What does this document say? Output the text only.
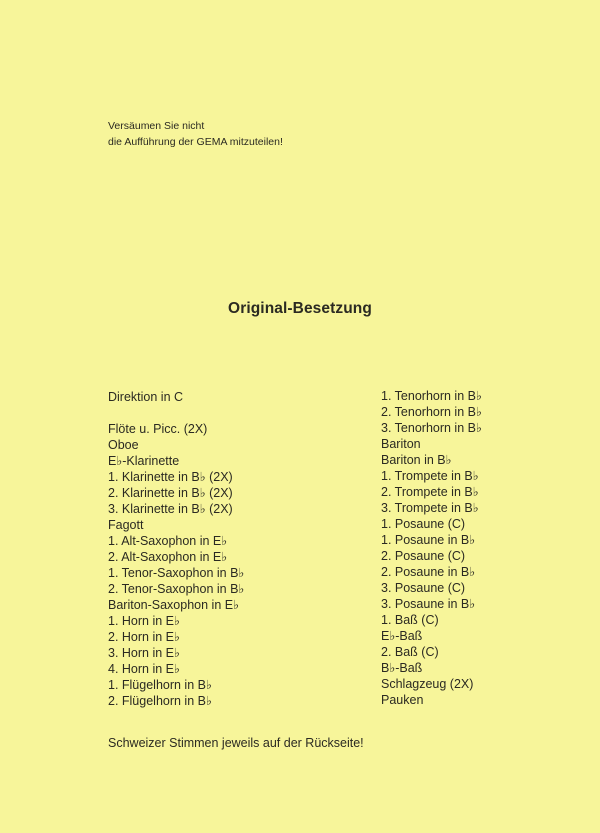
Versäumen Sie nicht
die Aufführung der GEMA mitzuteilen!
Original-Besetzung
Direktion in C
Flöte u. Picc. (2X)
Oboe
E♭-Klarinette
1. Klarinette in B♭ (2X)
2. Klarinette in B♭ (2X)
3. Klarinette in B♭ (2X)
Fagott
1. Alt-Saxophon in E♭
2. Alt-Saxophon in E♭
1. Tenor-Saxophon in B♭
2. Tenor-Saxophon in B♭
Bariton-Saxophon in E♭
1. Horn in E♭
2. Horn in E♭
3. Horn in E♭
4. Horn in E♭
1. Flügelhorn in B♭
2. Flügelhorn in B♭
1. Tenorhorn in B♭
2. Tenorhorn in B♭
3. Tenorhorn in B♭
Bariton
Bariton in B♭
1. Trompete in B♭
2. Trompete in B♭
3. Trompete in B♭
1. Posaune (C)
1. Posaune in B♭
2. Posaune (C)
2. Posaune in B♭
3. Posaune (C)
3. Posaune in B♭
1. Baß (C)
E♭-Baß
2. Baß (C)
B♭-Baß
Schlagzeug (2X)
Pauken
Schweizer Stimmen jeweils auf der Rückseite!
